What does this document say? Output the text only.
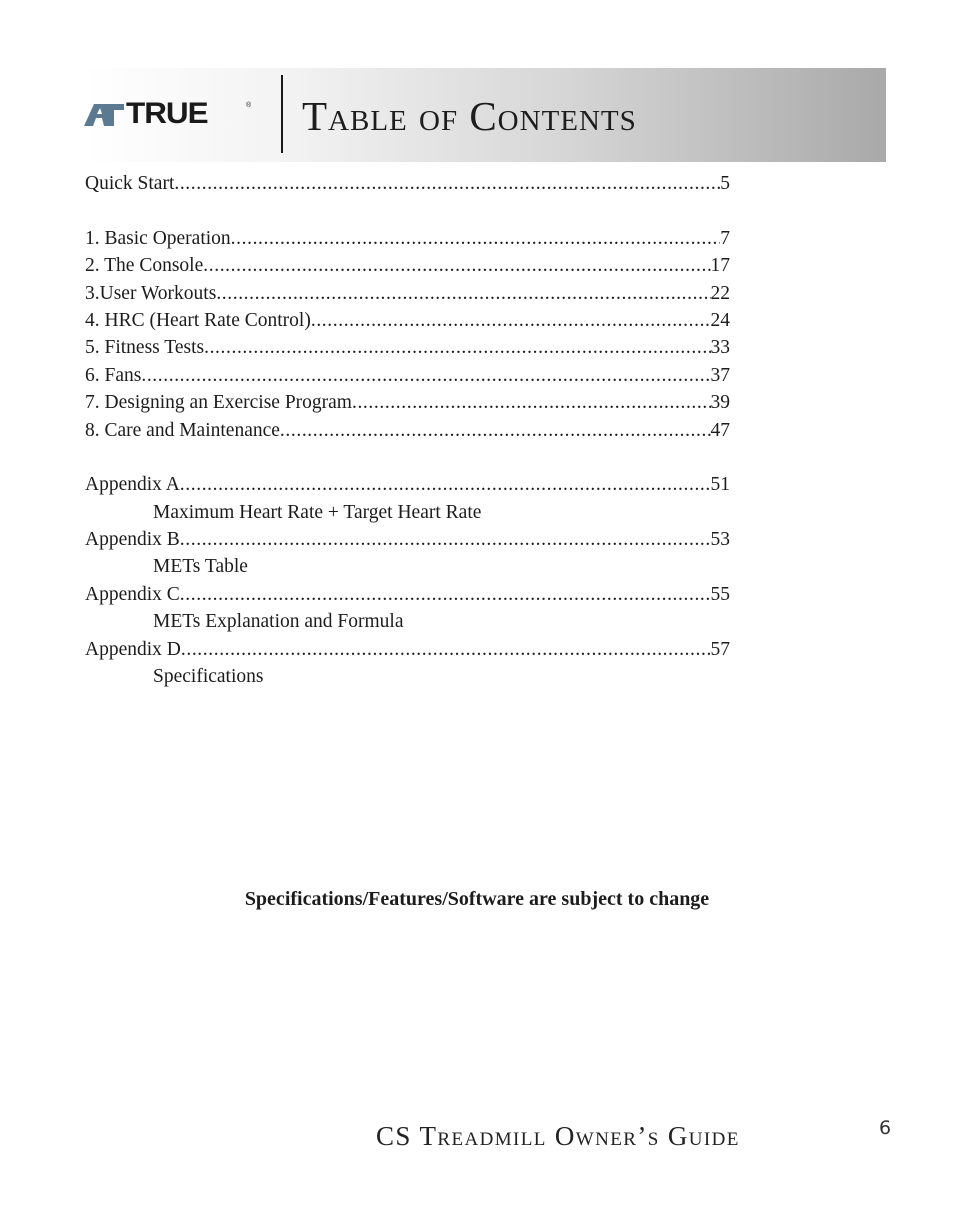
TRUE	® Table of Contents
Quick Start .....	5
1. Basic Operation .....	7
2. The Console .....	17
3.User Workouts .....	22
4. HRC (Heart Rate Control) .....	24
5. Fitness Tests .....	33
6. Fans .....	37
7. Designing an Exercise Program .....	39
8. Care and Maintenance .....	47
Appendix A .....	51
Maximum Heart Rate + Target Heart Rate
Appendix B .....	53
METs Table
Appendix C .....	55
METs Explanation and Formula
Appendix D .....	57
Specifications
Specifications/Features/Software are subject to change
CS Treadmill Owner’s Guide	6
